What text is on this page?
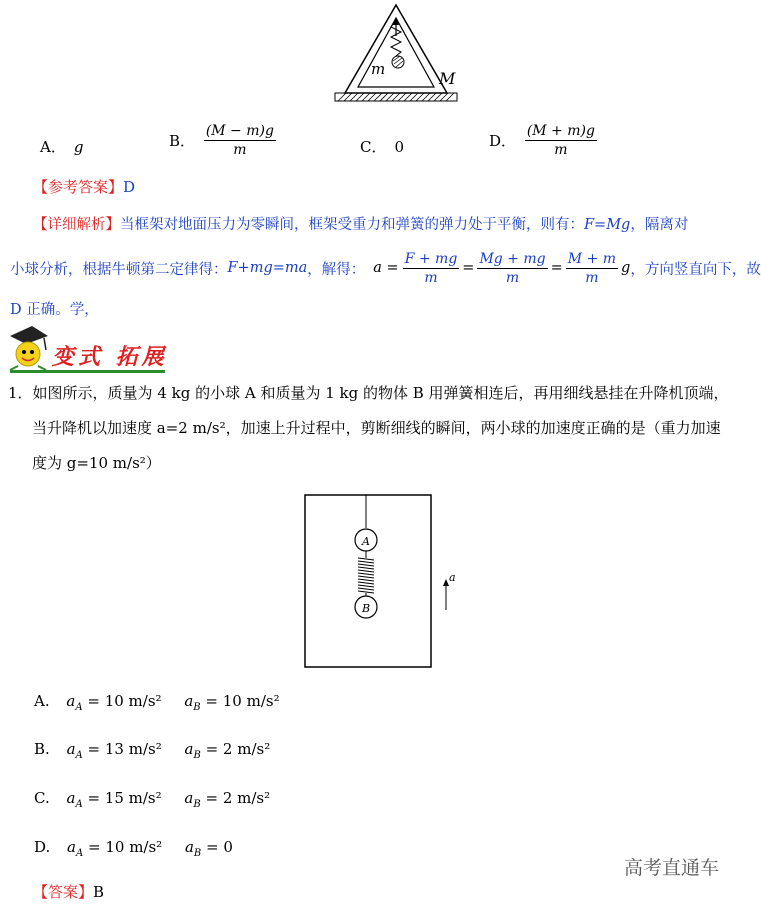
m	M
A． g	B． $\frac{(M - m)g}{m}$	C． 0	D． $\frac{(M + m)g}{m}$
【参考答案】D
【详细解析】当框架对地面压力为零瞬间，框架受重力和弹簧的弹力处于平衡，则有：F=Mg，隔离对
小球分析，根据牛顿第二定律得： F+mg=ma ，解得： $a = \frac{F + mg}{m} = \frac{Mg + mg}{m} = \frac{M + m}{m}$ g ，方向竖直向下，故
D 正确。学，
变式 拓展
1．如图所示，质量为 4 kg 的小球 A 和质量为 1 kg 的物体 B 用弹簧相连后，再用细线悬挂在升降机顶端，
当升降机以加速度 a=2 m/s²，加速上升过程中，剪断细线的瞬间，两小球的加速度正确的是（重力加速
度为 g=10 m/s²）
A
B
a
A. $a_A = 10$ m/s² $a_B = 10$ m/s²
B. $a_A = 13$ m/s² $a_B = 2$ m/s²
C. $a_A = 15$ m/s² $a_B = 2$ m/s²
D. $a_A = 10$ m/s² $a_B = 0$
【答案】B
高考直通车
